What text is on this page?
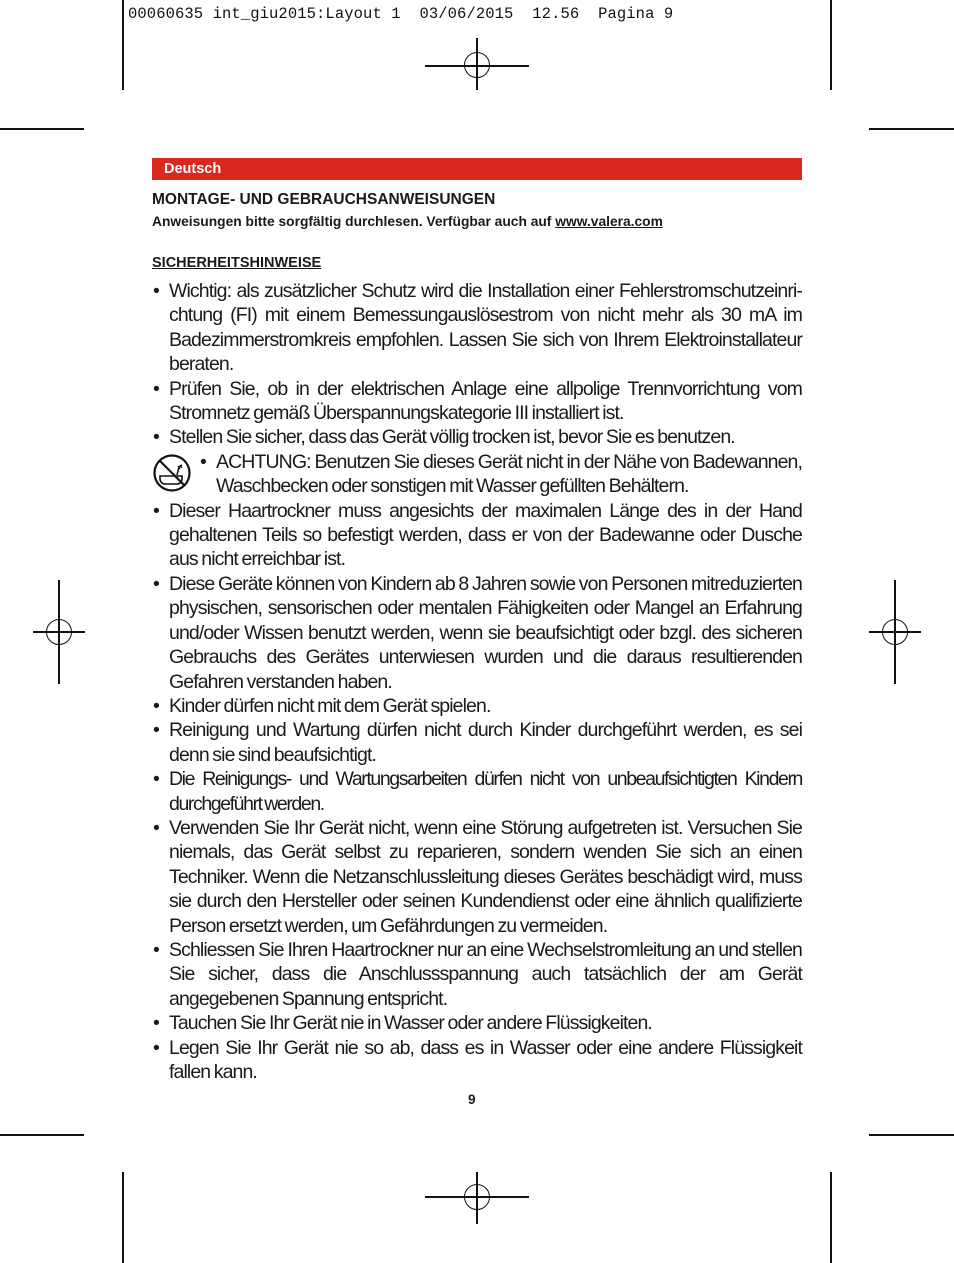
00060635 int_giu2015:Layout 1  03/06/2015  12.56  Pagina 9
Deutsch
MONTAGE- UND GEBRAUCHSANWEISUNGEN
Anweisungen bitte sorgfältig durchlesen. Verfügbar auch auf www.valera.com
SICHERHEITSHINWEISE
• Wichtig: als zusätzlicher Schutz wird die Installation einer Fehlerstromschutzeinri-chtung (FI) mit einem Bemessungauslösestrom von nicht mehr als 30 mA im Badezimmerstromkreis empfohlen. Lassen Sie sich von Ihrem Elektroinstallateur beraten.
• Prüfen Sie, ob in der elektrischen Anlage eine allpolige Trennvorrichtung vom Stromnetz gemäß Überspannungskategorie III installiert ist.
• Stellen Sie sicher, dass das Gerät völlig trocken ist, bevor Sie es benutzen.
• ACHTUNG: Benutzen Sie dieses Gerät nicht in der Nähe von Badewannen, Waschbecken oder sonstigen mit Wasser gefüllten Behältern.
• Dieser Haartrockner muss angesichts der maximalen Länge des in der Hand gehaltenen Teils so befestigt werden, dass er von der Badewanne oder Dusche aus nicht erreichbar ist.
• Diese Geräte können von Kindern ab 8 Jahren sowie von Personen mitreduzierten physischen, sensorischen oder mentalen Fähigkeiten oder Mangel an Erfahrung und/oder Wissen benutzt werden, wenn sie beaufsichtigt oder bzgl. des sicheren Gebrauchs des Gerätes unterwiesen wurden und die daraus resultierenden Gefahren verstanden haben.
• Kinder dürfen nicht mit dem Gerät spielen.
• Reinigung und Wartung dürfen nicht durch Kinder durchgeführt werden, es sei denn sie sind beaufsichtigt.
• Die Reinigungs- und Wartungsarbeiten dürfen nicht von unbeaufsichtigten Kindern durchgeführt werden.
• Verwenden Sie Ihr Gerät nicht, wenn eine Störung aufgetreten ist. Versuchen Sie niemals, das Gerät selbst zu reparieren, sondern wenden Sie sich an einen Techniker. Wenn die Netzanschlussleitung dieses Gerätes beschädigt wird, muss sie durch den Hersteller oder seinen Kundendienst oder eine ähnlich qualifizierte Person ersetzt werden, um Gefährdungen zu vermeiden.
• Schliessen Sie Ihren Haartrockner nur an eine Wechselstromleitung an und stellen Sie sicher, dass die Anschlussspannung auch tatsächlich der am Gerät angegebenen Spannung entspricht.
• Tauchen Sie Ihr Gerät nie in Wasser oder andere Flüssigkeiten.
• Legen Sie Ihr Gerät nie so ab, dass es in Wasser oder eine andere Flüssigkeit fallen kann.
9
